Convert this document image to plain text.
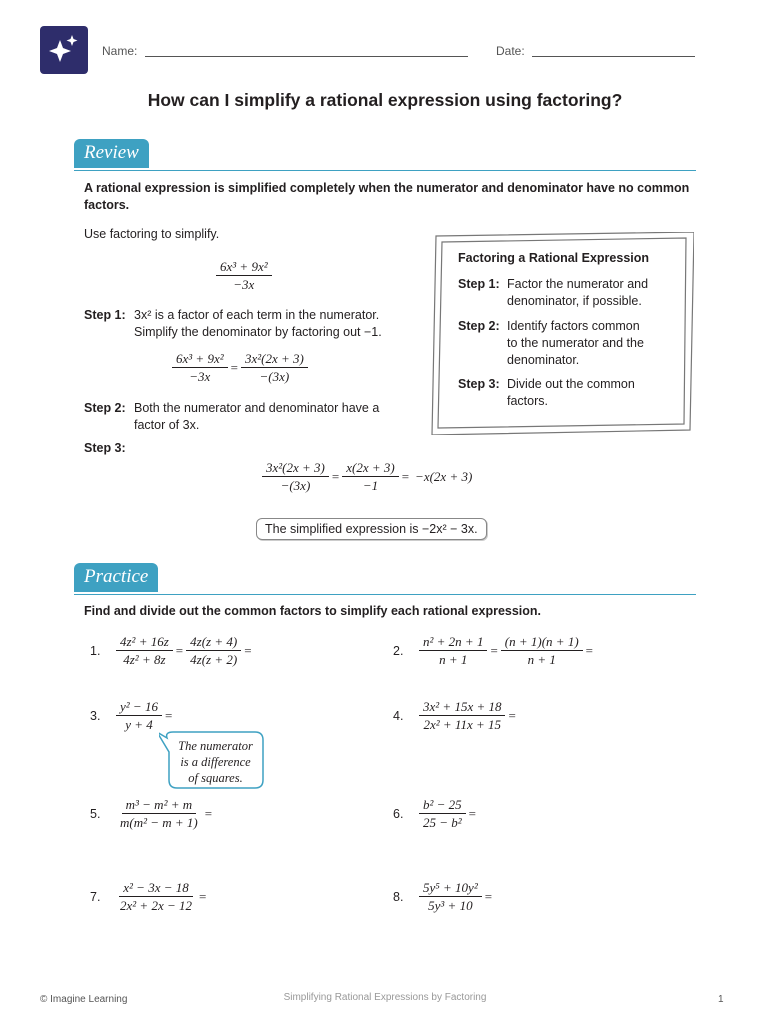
Name:	Date:
How can I simplify a rational expression using factoring?
Review
A rational expression is simplified completely when the numerator and denominator have no common factors.
Use factoring to simplify.
$\frac{\text{6x³ + 9x²}}{-3x}$
Step 1: 3x² is a factor of each term in the numerator.
Simplify the denominator by factoring out −1.
$\frac{\text{6x³ + 9x²}}{-3x} = \frac{\text{3x²(2x + 3)}}{-(3x)}$
Step 2: Both the numerator and denominator have a
factor of 3x.
Step 3:
$\frac{\text{3x²(2x + 3)}}{-(3x)} = \frac{x(2x + 3)}{-1} = -x(2x + 3)$
The simplified expression is −2x² − 3x.
Factoring a Rational Expression
Step 1: Factor the numerator and
denominator, if possible.
Step 2: Identify factors common
to the numerator and the
denominator.
Step 3: Divide out the common
factors.
Practice
Find and divide out the common factors to simplify each rational expression.
1.	$\frac{\text{4z² + 16z}}{\text{4z² + 8z}} = \frac{4z(z + 4)}{4z(z + 2)}$ =	2.	$\frac{\text{n² + 2n + 1}}{n + 1} = \frac{(n + 1)(n + 1)}{n + 1}$ =
3.	$\frac{\text{y² − 16}}{y + 4}$ =	4.	$\frac{\text{3x² + 15x + 18}}{\text{2x² + 11x + 15}}$ =
The numerator
is a difference
of squares.
5.	$\frac{\text{m³ − m² + m}}{\text{m(m² − m + 1)}}$ =	6.	$\frac{\text{b² − 25}}{\text{25 − b²}}$ =
7.	$\frac{\text{x² − 3x − 18}}{\text{2x² + 2x − 12}}$ =	8.	$\frac{\text{5y⁵ + 10y²}}{\text{5y³ + 10}}$ =
© Imagine Learning	Simplifying Rational Expressions by Factoring	1
